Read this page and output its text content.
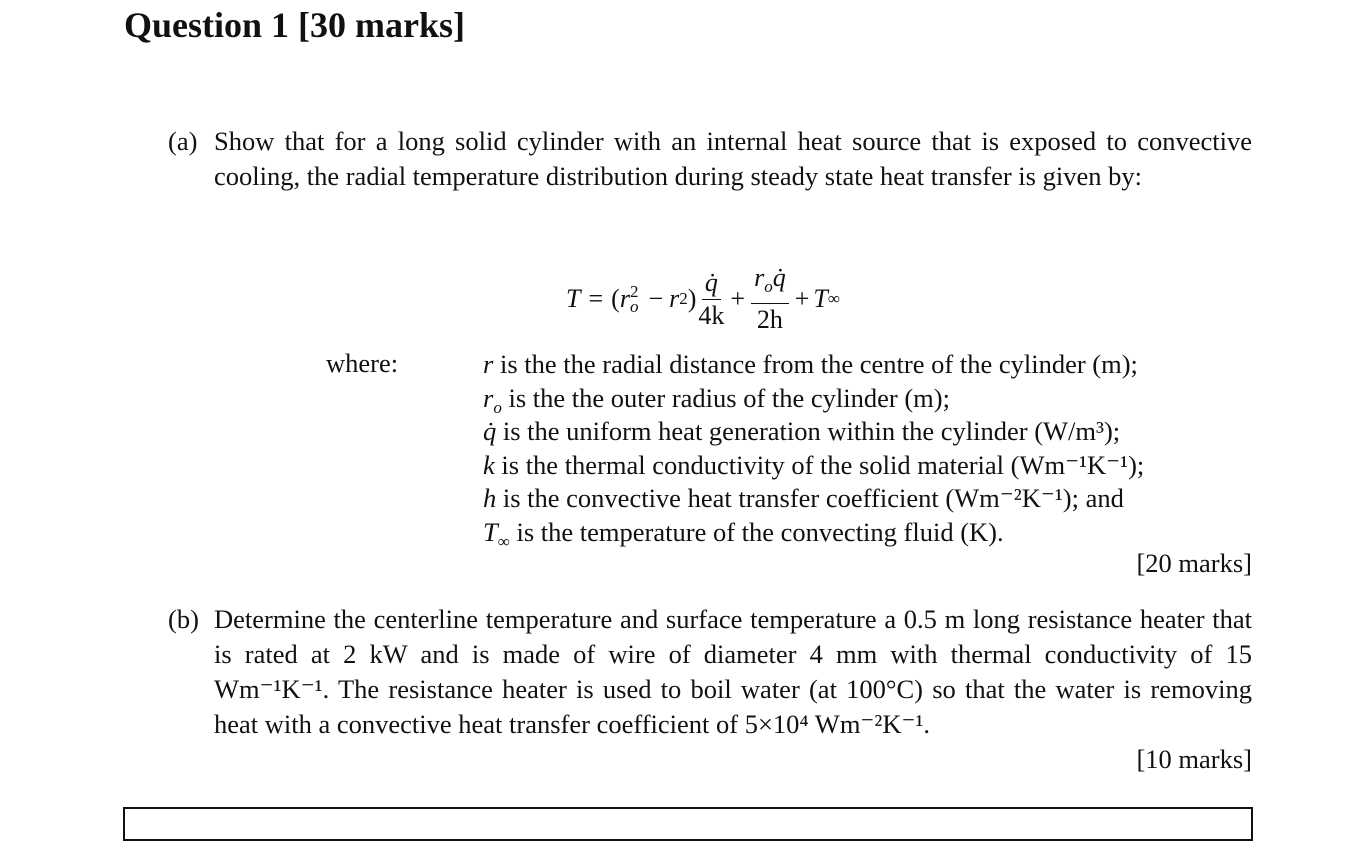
Question 1 [30 marks]
(a) Show that for a long solid cylinder with an internal heat source that is exposed to convective cooling, the radial temperature distribution during steady state heat transfer is given by:
T = ( r 2
o − r 2 ) $\frac{q̇}{4k} + \frac{r_oq̇}{2h} + T$ ∞
where:	r is the the radial distance from the centre of the cylinder (m);
$r_o$ is the the outer radius of the cylinder (m);
q̇ is the uniform heat generation within the cylinder (W/m³);
k is the thermal conductivity of the solid material (Wm⁻¹K⁻¹);
h is the convective heat transfer coefficient (Wm⁻²K⁻¹); and
$T_\infty$ is the temperature of the convecting fluid (K).
[20 marks]
(b) Determine the centerline temperature and surface temperature a 0.5 m long resistance heater that is rated at 2 kW and is made of wire of diameter 4 mm with thermal conductivity of 15 Wm⁻¹K⁻¹. The resistance heater is used to boil water (at 100°C) so that the water is removing heat with a convective heat transfer coefficient of 5×10⁴ Wm⁻²K⁻¹.
[10 marks]
